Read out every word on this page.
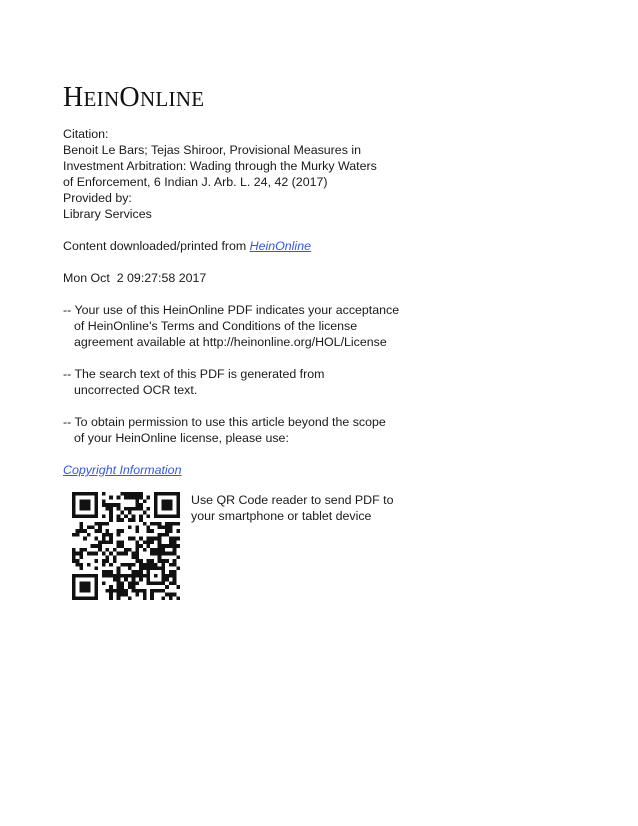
HEINONLINE
Citation:
Benoit Le Bars; Tejas Shiroor, Provisional Measures in
Investment Arbitration: Wading through the Murky Waters
of Enforcement, 6 Indian J. Arb. L. 24, 42 (2017)
Provided by:
Library Services
Content downloaded/printed from HeinOnline
Mon Oct  2 09:27:58 2017
-- Your use of this HeinOnline PDF indicates your acceptance
of HeinOnline's Terms and Conditions of the license
agreement available at http://heinonline.org/HOL/License
-- The search text of this PDF is generated from
uncorrected OCR text.
-- To obtain permission to use this article beyond the scope
of your HeinOnline license, please use:
Copyright Information
Use QR Code reader to send PDF to
your smartphone or tablet device
